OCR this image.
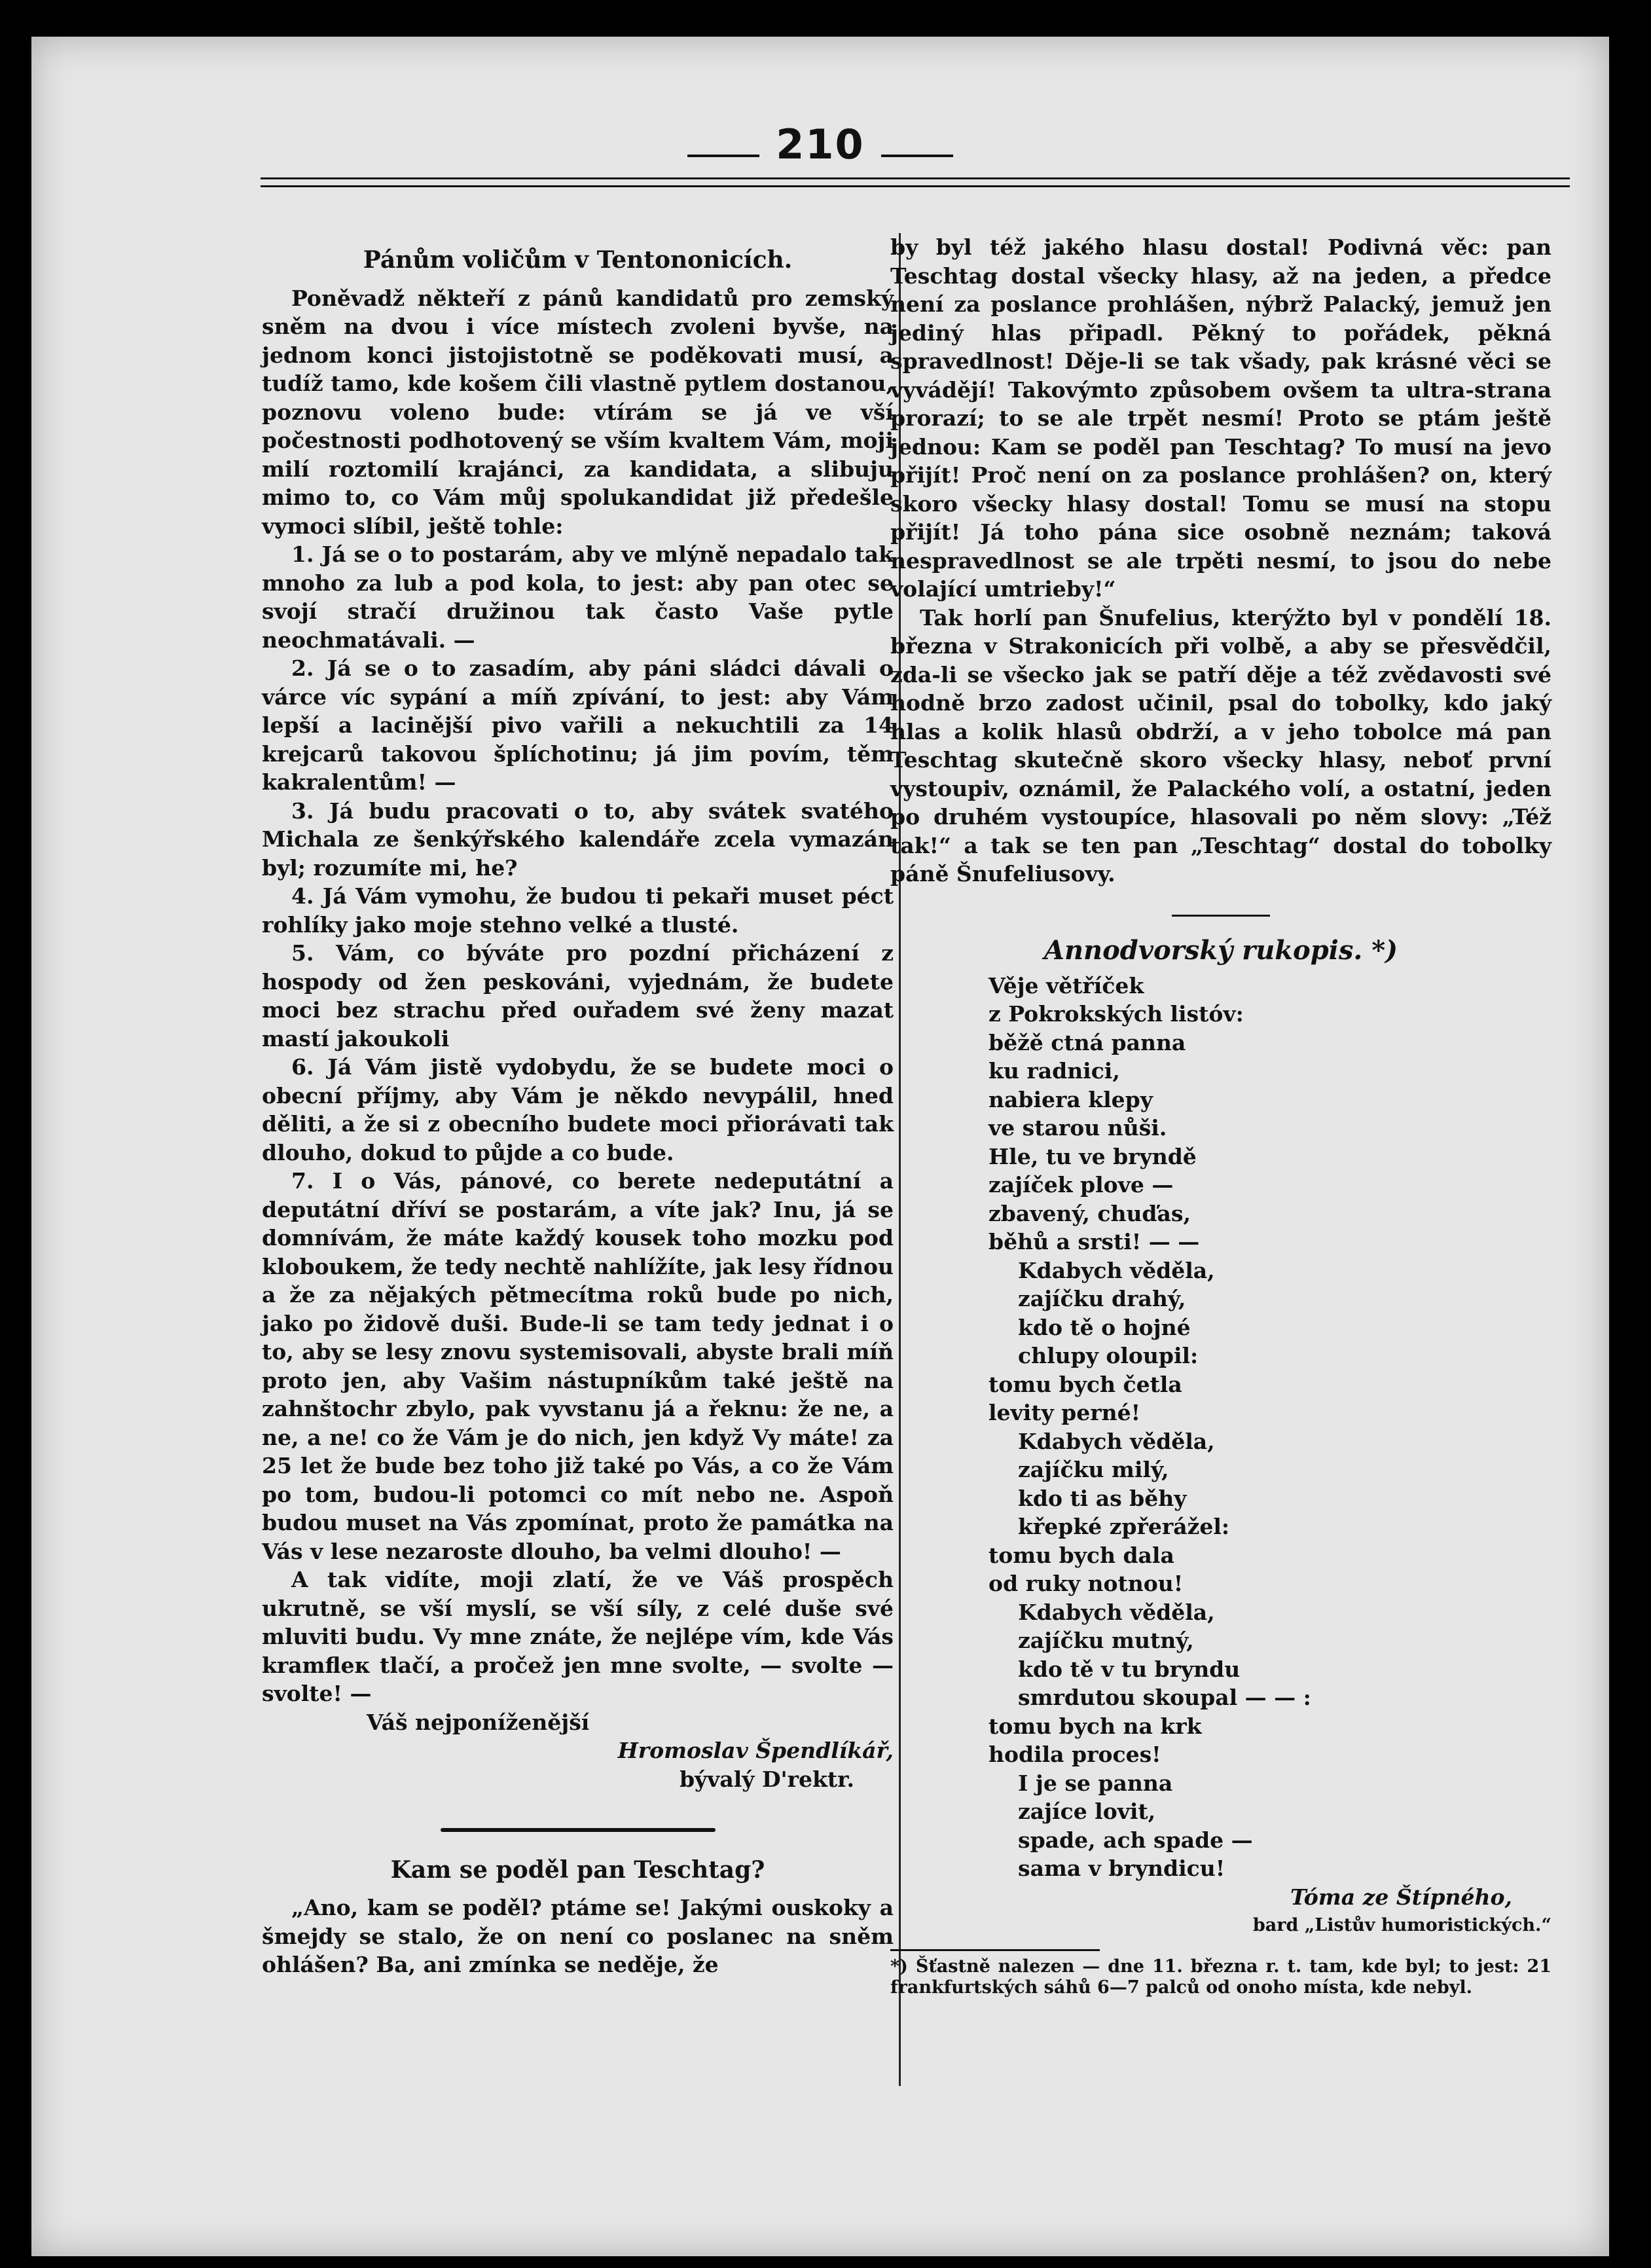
210
Pánům voličům v Tentononicích.

Poněvadž někteří z pánů kandidatů pro zemský sněm na dvou i více místech zvoleni byvše, na jednom konci jistojistotně se poděkovati musí, a tudíž tamo, kde košem čili vlastně pytlem dostanou, poznovu voleno bude: vtírám se já ve vší počestnosti podhotovený se vším kvaltem Vám, moji milí roztomilí krajánci, za kandidata, a slibuju mimo to, co Vám můj spolukandidat již předešle vymoci slíbil, ještě tohle:

1. Já se o to postarám, aby ve mlýně nepadalo tak mnoho za lub a pod kola, to jest: aby pan otec se svojí stračí družinou tak často Vaše pytle neochmatávali. —

2. Já se o to zasadím, aby páni sládci dávali o várce víc sypání a míň zpívání, to jest: aby Vám lepší a lacinější pivo vařili a nekuchtili za 14 krejcarů takovou šplíchotinu; já jim povím, těm kakralentům! —

3. Já budu pracovati o to, aby svátek svatého Michala ze šenkýřského kalendáře zcela vymazán byl; rozumíte mi, he?

4. Já Vám vymohu, že budou ti pekaři muset péct rohlíky jako moje stehno velké a tlusté.

5. Vám, co býváte pro pozdní přicházení z hospody od žen peskováni, vyjednám, že budete moci bez strachu před ouřadem své ženy mazat mastí jakoukoli

6. Já Vám jistě vydobydu, že se budete moci o obecní příjmy, aby Vám je někdo nevypálil, hned děliti, a že si z obecního budete moci přiorávati tak dlouho, dokud to půjde a co bude.

7. I o Vás, pánové, co berete nedeputátní a deputátní dříví se postarám, a víte jak? Inu, já se domnívám, že máte každý kousek toho mozku pod kloboukem, že tedy nechtě nahlížíte, jak lesy řídnou a že za nějakých pětmecítma roků bude po nich, jako po židově duši. Bude-li se tam tedy jednat i o to, aby se lesy znovu systemisovali, abyste brali míň proto jen, aby Vašim nástupníkům také ještě na zahnštochr zbylo, pak vyvstanu já a řeknu: že ne, a ne, a ne! co že Vám je do nich, jen když Vy máte! za 25 let že bude bez toho již také po Vás, a co že Vám po tom, budou-li potomci co mít nebo ne. Aspoň budou muset na Vás zpomínat, proto že památka na Vás v lese nezaroste dlouho, ba velmi dlouho! —

A tak vidíte, moji zlatí, že ve Váš prospěch ukrutně, se vší myslí, se vší síly, z celé duše své mluviti budu. Vy mne znáte, že nejlépe vím, kde Vás kramfleк tlačí, a pročež jen mne svolte, — svolte — svolte! —

Váš nejponíženější

Hromoslav Špendlíkář,
bývalý D'rektr.
Kam se poděl pan Teschtag?

„Ano, kam se poděl? ptáme se! Jakými ouskoky a šmejdy se stalo, že on není co poslanec na sněm ohlášen? Ba, ani zmínka se neděje, že

by byl též jakého hlasu dostal! Podivná věc: pan Teschtag dostal všecky hlasy, až na jeden, a předce není za poslance prohlášen, nýbrž Palacký, jemuž jen jediný hlas připadl. Pěkný to pořádek, pěkná spravedlnost! Děje-li se tak všady, pak krásné věci se vyvádějí! Takovýmto způsobem ovšem ta ultra-strana prorazí; to se ale trpět nesmí! Proto se ptám ještě jednou: Kam se poděl pan Teschtag? To musí na jevo přijít! Proč není on za poslance prohlášen? on, který skoro všecky hlasy dostal! Tomu se musí na stopu přijít! Já toho pána sice osobně neznám; taková nespravedlnost se ale trpěti nesmí, to jsou do nebe volající umtrieby!“

Tak horlí pan Šnufelius, kterýžto byl v pondělí 18. března v Strakonicích při volbě, a aby se přesvědčil, zda-li se všecko jak se patří děje a též zvědavosti své hodně brzo zadost učinil, psal do tobolky, kdo jaký hlas a kolik hlasů obdrží, a v jeho tobolce má pan Teschtag skutečně skoro všecky hlasy, neboť první vystoupiv, oznámil, že Palackého volí, a ostatní, jeden po druhém vystoupíce, hlasovali po něm slovy: „Též tak!“ a tak se ten pan „Teschtag“ dostal do tobolky páně Šnufeliusovy.

Annodvorský rukopis. *)
Věje větříček
z Pokrokských listóv:
běžě ctná panna
ku radnici,
nabiera klepy
ve starou nůši.
Hle, tu ve bryndě
zajíček plove —
zbavený, chuďas,
běhů a srsti! — —
Kdabych věděla,
zajíčku drahý,
kdo tě o hojné
chlupy oloupil:
tomu bych četla
levity perné!
Kdabych věděla,
zajíčku milý,
kdo ti as běhy
křepké zpřerážel:
tomu bych dala
od ruky notnou!
Kdabych věděla,
zajíčku mutný,
kdo tě v tu bryndu
smrdutou skoupal — — :
tomu bych na krk
hodila proces!
I je se panna
zajíce lovit,
spade, ach spade —
sama v bryndicu!
Tóma ze Štípného,
bard „Listův humoristických.“
*) Šťastně nalezen — dne 11. března r. t. tam, kde byl; to jest: 21 frankfurtských sáhů 6—7 palců od onoho místa, kde nebyl.
